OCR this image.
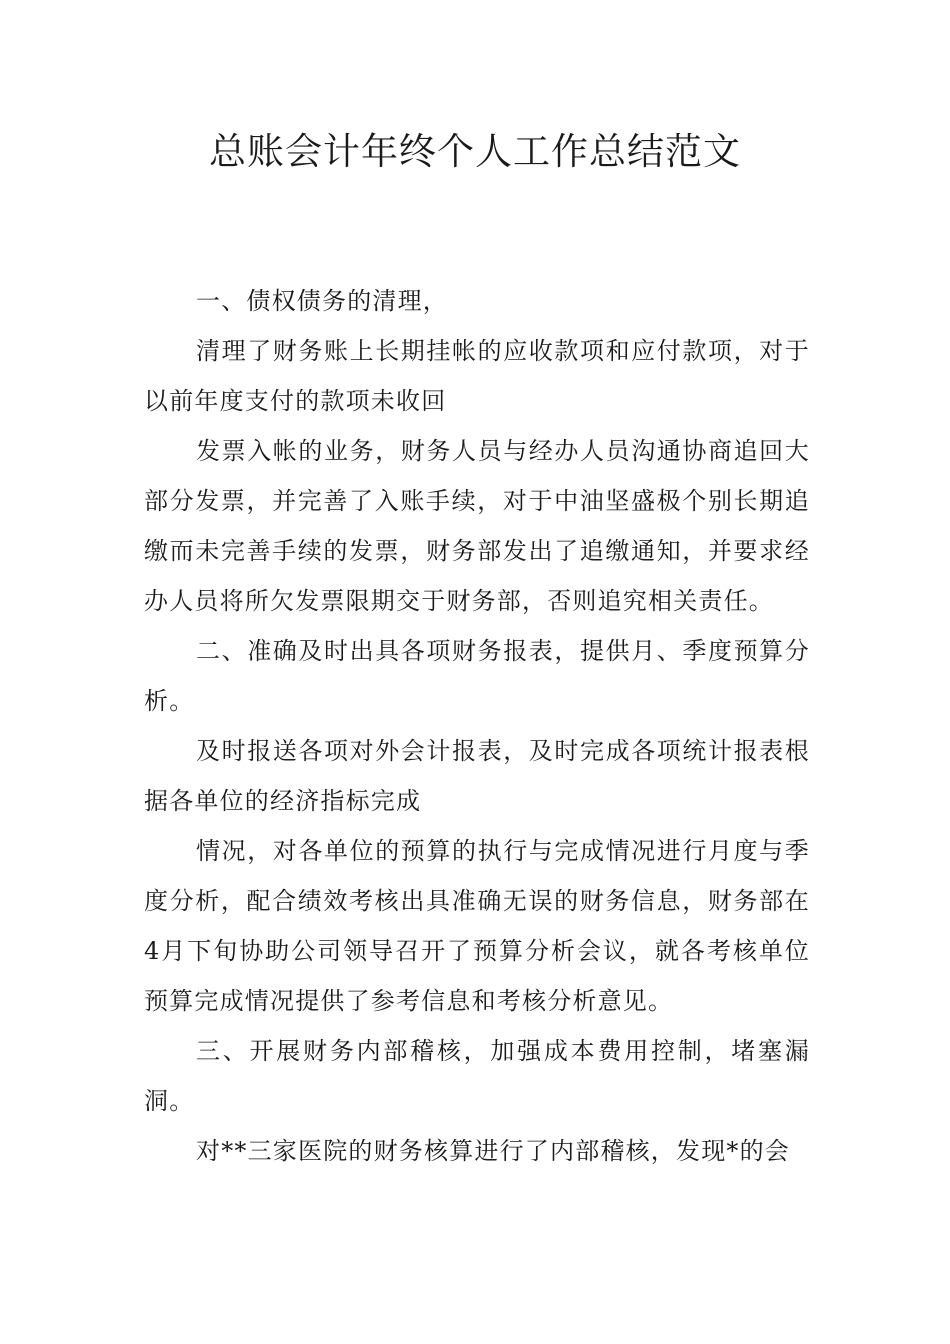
总账会计年终个人工作总结范文

一、债权债务的清理，

清理了财务账上长期挂帐的应收款项和应付款项，对于以前年度支付的款项未收回

发票入帐的业务，财务人员与经办人员沟通协商追回大部分发票，并完善了入账手续，对于中油坚盛极个别长期追缴而未完善手续的发票，财务部发出了追缴通知，并要求经办人员将所欠发票限期交于财务部，否则追究相关责任。

二、准确及时出具各项财务报表，提供月、季度预算分析。

及时报送各项对外会计报表，及时完成各项统计报表根据各单位的经济指标完成

情况，对各单位的预算的执行与完成情况进行月度与季度分析，配合绩效考核出具准确无误的财务信息，财务部在4月下旬协助公司领导召开了预算分析会议，就各考核单位预算完成情况提供了参考信息和考核分析意见。

三、开展财务内部稽核，加强成本费用控制，堵塞漏洞。

对**三家医院的财务核算进行了内部稽核，发现*的会
